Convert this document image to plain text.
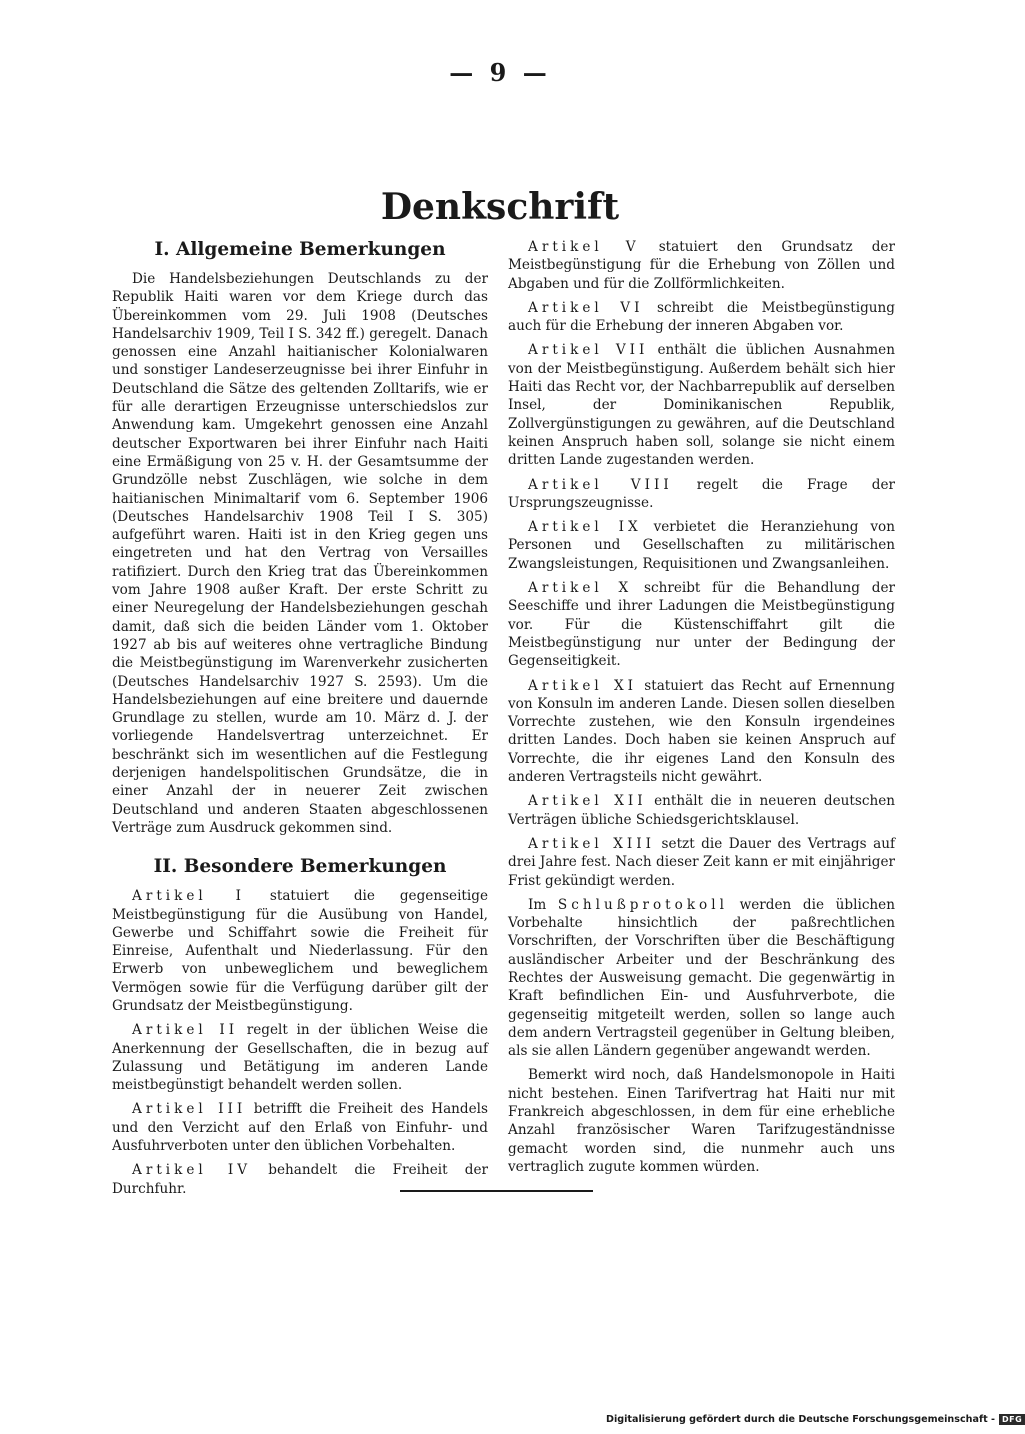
— 9 —
Denkschrift
I. Allgemeine Bemerkungen

Die Handelsbeziehungen Deutschlands zu der Republik Haiti waren vor dem Kriege durch das Übereinkommen vom 29. Juli 1908 (Deutsches Handelsarchiv 1909, Teil I S. 342 ff.) geregelt. Danach genossen eine Anzahl haitianischer Kolonialwaren und sonstiger Landeserzeugnisse bei ihrer Einfuhr in Deutschland die Sätze des geltenden Zolltarifs, wie er für alle derartigen Erzeugnisse unterschiedslos zur Anwendung kam. Umgekehrt genossen eine Anzahl deutscher Exportwaren bei ihrer Einfuhr nach Haiti eine Ermäßigung von 25 v. H. der Gesamtsumme der Grundzölle nebst Zuschlägen, wie solche in dem haitianischen Minimaltarif vom 6. September 1906 (Deutsches Handelsarchiv 1908 Teil I S. 305) aufgeführt waren. Haiti ist in den Krieg gegen uns eingetreten und hat den Vertrag von Versailles ratifiziert. Durch den Krieg trat das Übereinkommen vom Jahre 1908 außer Kraft. Der erste Schritt zu einer Neuregelung der Handelsbeziehungen geschah damit, daß sich die beiden Länder vom 1. Oktober 1927 ab bis auf weiteres ohne vertragliche Bindung die Meistbegünstigung im Warenverkehr zusicherten (Deutsches Handelsarchiv 1927 S. 2593). Um die Handelsbeziehungen auf eine breitere und dauernde Grundlage zu stellen, wurde am 10. März d. J. der vorliegende Handelsvertrag unterzeichnet. Er beschränkt sich im wesentlichen auf die Festlegung derjenigen handelspolitischen Grundsätze, die in einer Anzahl der in neuerer Zeit zwischen Deutschland und anderen Staaten abgeschlossenen Verträge zum Ausdruck gekommen sind.

II. Besondere Bemerkungen

Artikel I statuiert die gegenseitige Meistbegünstigung für die Ausübung von Handel, Gewerbe und Schiffahrt sowie die Freiheit für Einreise, Aufenthalt und Niederlassung. Für den Erwerb von unbeweglichem und beweglichem Vermögen sowie für die Verfügung darüber gilt der Grundsatz der Meistbegünstigung.

Artikel II regelt in der üblichen Weise die Anerkennung der Gesellschaften, die in bezug auf Zulassung und Betätigung im anderen Lande meistbegünstigt behandelt werden sollen.

Artikel III betrifft die Freiheit des Handels und den Verzicht auf den Erlaß von Einfuhr- und Ausfuhrverboten unter den üblichen Vorbehalten.

Artikel IV behandelt die Freiheit der Durchfuhr.

Artikel V statuiert den Grundsatz der Meistbegünstigung für die Erhebung von Zöllen und Abgaben und für die Zollförmlichkeiten.

Artikel VI schreibt die Meistbegünstigung auch für die Erhebung der inneren Abgaben vor.

Artikel VII enthält die üblichen Ausnahmen von der Meistbegünstigung. Außerdem behält sich hier Haiti das Recht vor, der Nachbarrepublik auf derselben Insel, der Dominikanischen Republik, Zollvergünstigungen zu gewähren, auf die Deutschland keinen Anspruch haben soll, solange sie nicht einem dritten Lande zugestanden werden.

Artikel VIII regelt die Frage der Ursprungszeugnisse.

Artikel IX verbietet die Heranziehung von Personen und Gesellschaften zu militärischen Zwangsleistungen, Requisitionen und Zwangsanleihen.

Artikel X schreibt für die Behandlung der Seeschiffe und ihrer Ladungen die Meistbegünstigung vor. Für die Küstenschiffahrt gilt die Meistbegünstigung nur unter der Bedingung der Gegenseitigkeit.

Artikel XI statuiert das Recht auf Ernennung von Konsuln im anderen Lande. Diesen sollen dieselben Vorrechte zustehen, wie den Konsuln irgendeines dritten Landes. Doch haben sie keinen Anspruch auf Vorrechte, die ihr eigenes Land den Konsuln des anderen Vertragsteils nicht gewährt.

Artikel XII enthält die in neueren deutschen Verträgen übliche Schiedsgerichtsklausel.

Artikel XIII setzt die Dauer des Vertrags auf drei Jahre fest. Nach dieser Zeit kann er mit einjähriger Frist gekündigt werden.

Im Schlußprotokoll werden die üblichen Vorbehalte hinsichtlich der paßrechtlichen Vorschriften, der Vorschriften über die Beschäftigung ausländischer Arbeiter und der Beschränkung des Rechtes der Ausweisung gemacht. Die gegenwärtig in Kraft befindlichen Ein- und Ausfuhrverbote, die gegenseitig mitgeteilt werden, sollen so lange auch dem andern Vertragsteil gegenüber in Geltung bleiben, als sie allen Ländern gegenüber angewandt werden.

Bemerkt wird noch, daß Handelsmonopole in Haiti nicht bestehen. Einen Tarifvertrag hat Haiti nur mit Frankreich abgeschlossen, in dem für eine erhebliche Anzahl französischer Waren Tarifzugeständnisse gemacht worden sind, die nunmehr auch uns vertraglich zugute kommen würden.

Digitalisierung gefördert durch die Deutsche Forschungsgemeinschaft - DFG
